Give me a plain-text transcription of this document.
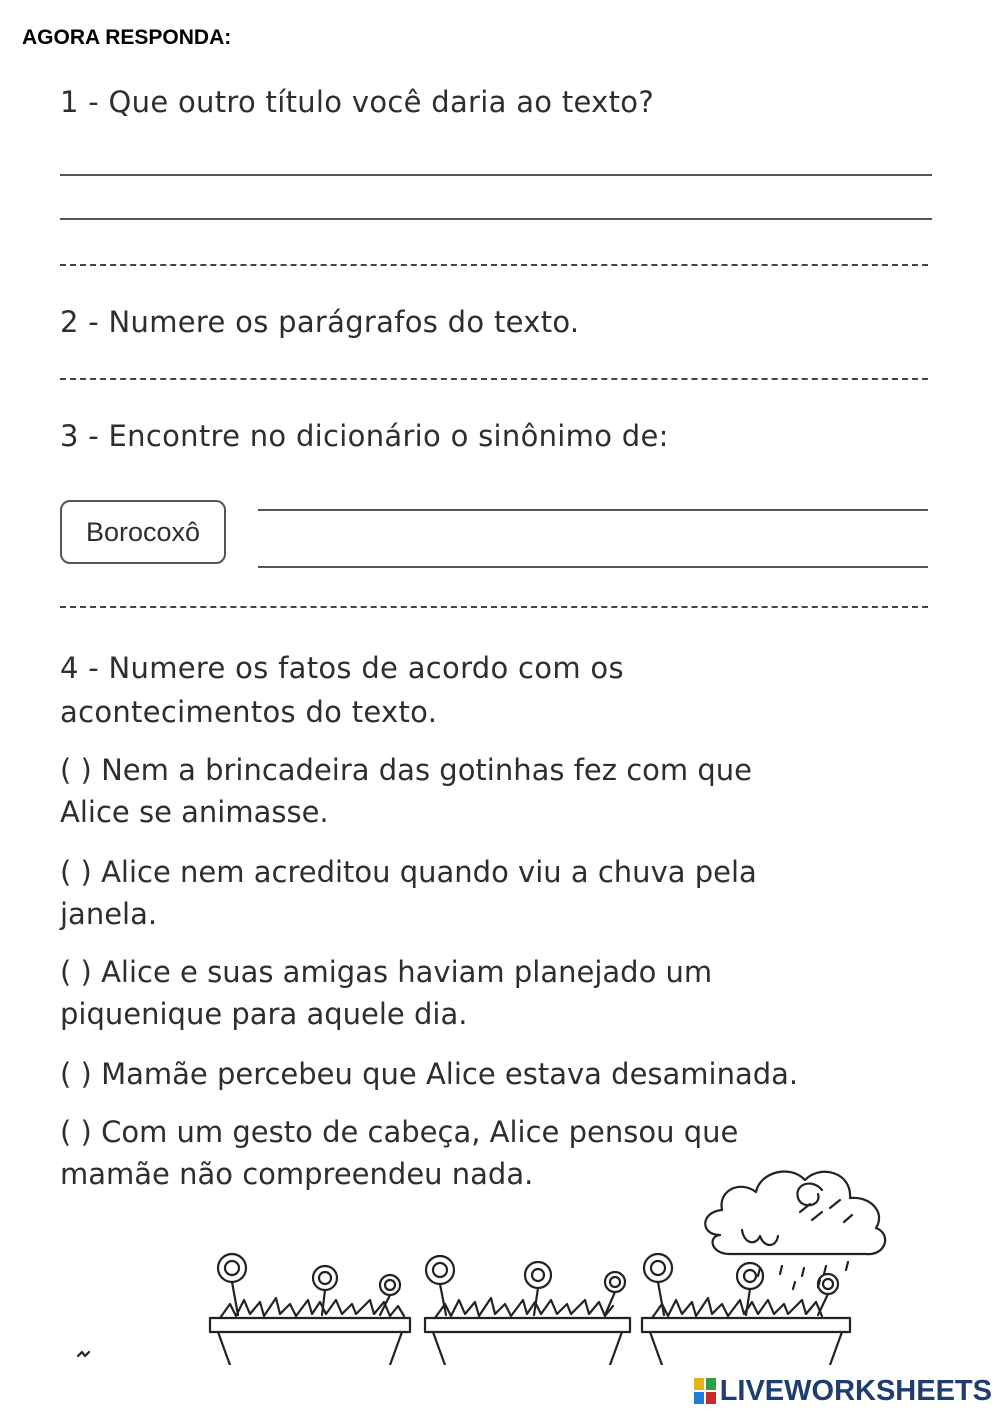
AGORA RESPONDA:
1 - Que outro título você daria ao texto?
2 - Numere os parágrafos do texto.
3 - Encontre no dicionário o sinônimo de:
Borocoxô
4 - Numere os fatos de acordo com os
acontecimentos do texto.
( ) Nem a brincadeira das gotinhas fez com que
Alice se animasse.
( ) Alice nem acreditou quando viu a chuva pela
janela.
( ) Alice e suas amigas haviam planejado um
piquenique para aquele dia.
( ) Mamãe percebeu que Alice estava desaminada.
( ) Com um gesto de cabeça, Alice pensou que
mamãe não compreendeu nada.
LIVEWORKSHEETS
